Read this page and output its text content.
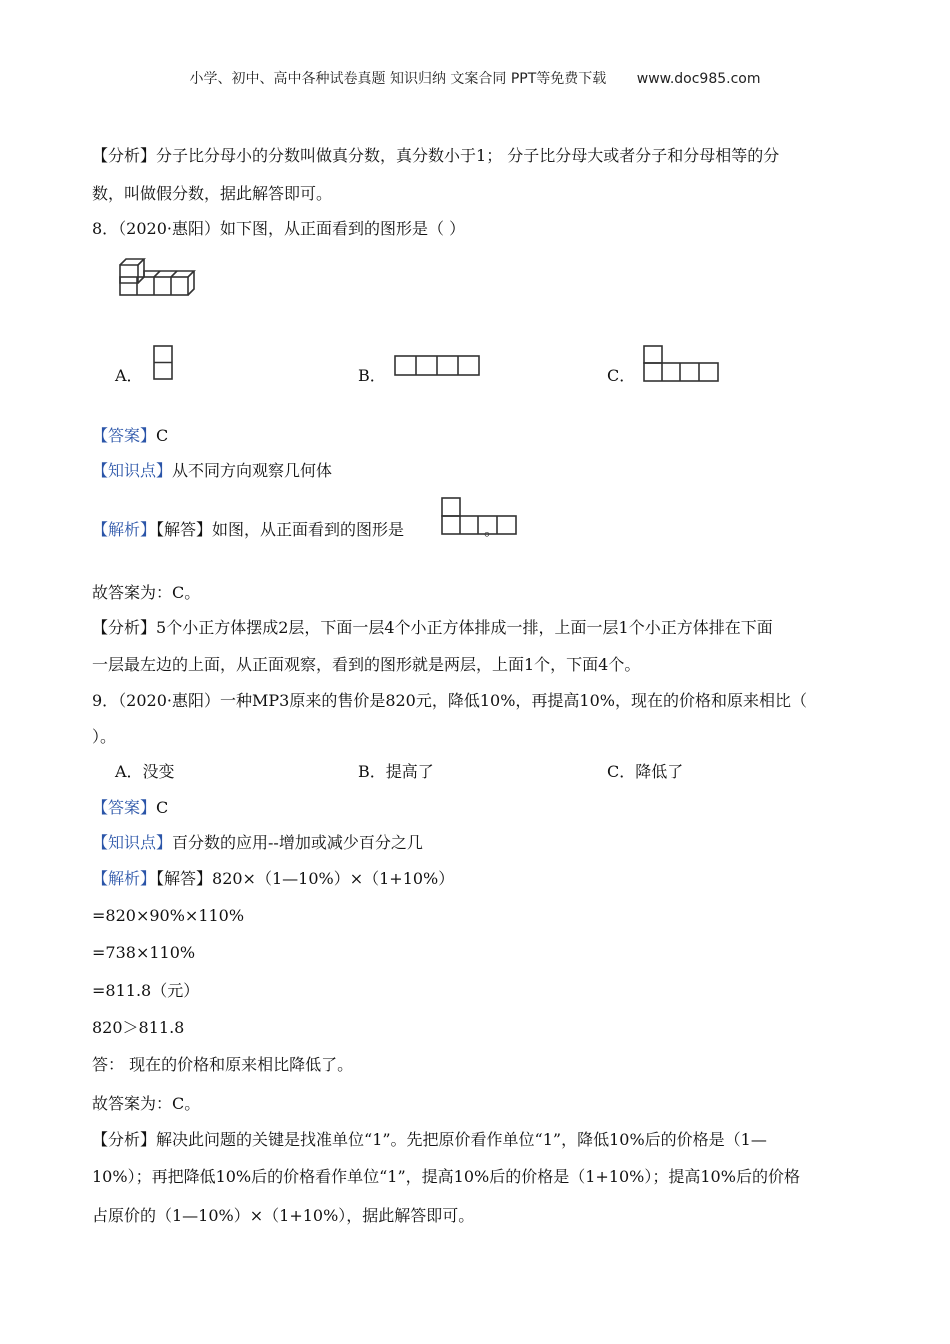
小学、初中、高中各种试卷真题 知识归纳 文案合同 PPT等免费下载 www.doc985.com
【分析】分子比分母小的分数叫做真分数，真分数小于1； 分子比分母大或者分子和分母相等的分
数，叫做假分数，据此解答即可。
8．（2020·惠阳）如下图，从正面看到的图形是（ ）
A．	B．	C．
【答案】C
【知识点】从不同方向观察几何体
【解析】【解答】如图，从正面看到的图形是	。
故答案为：C。
【分析】5个小正方体摆成2层，下面一层4个小正方体排成一排，上面一层1个小正方体排在下面
一层最左边的上面，从正面观察，看到的图形就是两层，上面1个，下面4个。
9．（2020·惠阳）一种MP3原来的售价是820元，降低10%，再提高10%，现在的价格和原来相比（
）。
A．没变	B．提高了	C．降低了
【答案】C
【知识点】百分数的应用--增加或减少百分之几
【解析】【解答】820×（1—10%）×（1+10%）
=820×90%×110%
=738×110%
=811.8（元）
820＞811.8
答： 现在的价格和原来相比降低了。
故答案为：C。
【分析】解决此问题的关键是找准单位“1”。先把原价看作单位“1”，降低10%后的价格是（1—
10%）；再把降低10%后的价格看作单位“1”，提高10%后的价格是（1+10%）；提高10%后的价格
占原价的（1—10%）×（1+10%），据此解答即可。
